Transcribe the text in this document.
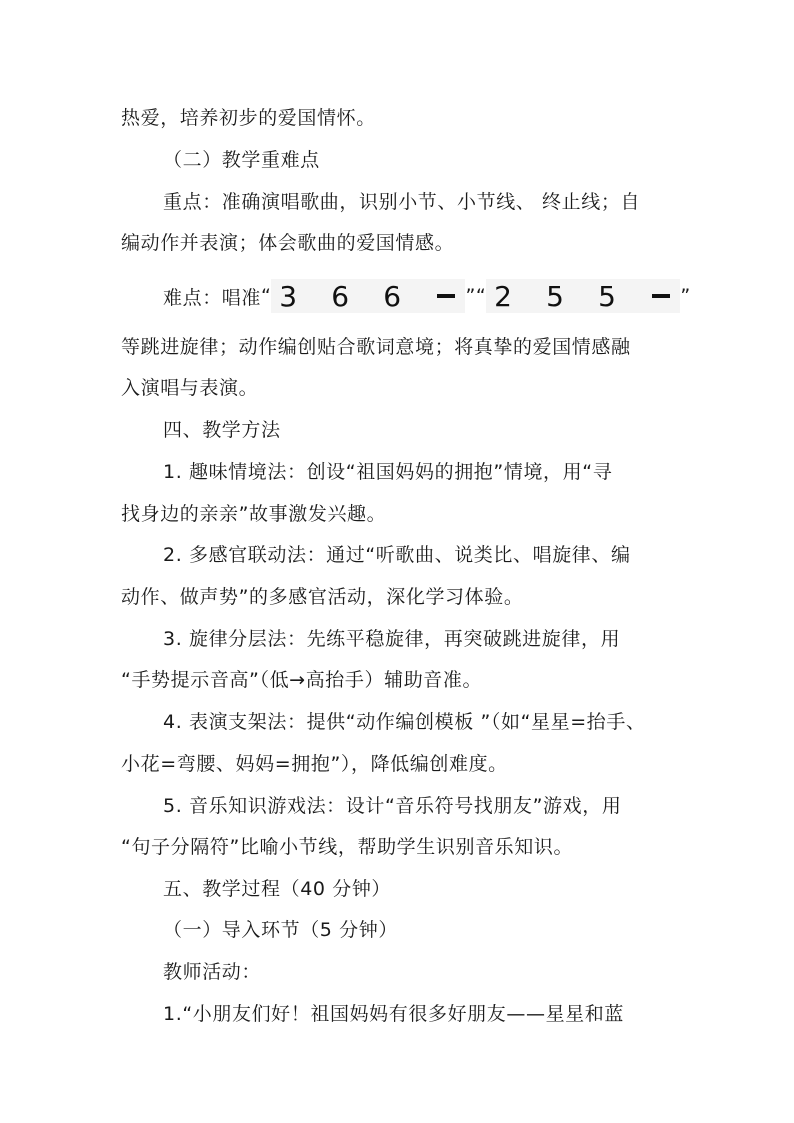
热爱，培养初步的爱国情怀。
（二）教学重难点
重点：准确演唱歌曲，识别小节、小节线、 终止线；自
编动作并表演；体会歌曲的爱国情感。
难点：唱准 “ 3 6 6	”“ 2 5 5	”
等跳进旋律；动作编创贴合歌词意境；将真挚的爱国情感融
入演唱与表演。
四、教学方法
1. 趣味情境法：创设“祖国妈妈的拥抱”情境，用“寻
找身边的亲亲”故事激发兴趣。
2. 多感官联动法：通过“听歌曲、说类比、唱旋律、编
动作、做声势”的多感官活动，深化学习体验。
3. 旋律分层法：先练平稳旋律，再突破跳进旋律，用
“手势提示音高”（低→高抬手）辅助音准。
4. 表演支架法：提供“动作编创模板 ”（如“星星=抬手、
小花=弯腰、妈妈=拥抱”），降低编创难度。
5. 音乐知识游戏法：设计“音乐符号找朋友”游戏，用
“句子分隔符”比喻小节线，帮助学生识别音乐知识。
五、教学过程（40 分钟）
（一）导入环节（5 分钟）
教师活动：
1.“小朋友们好！祖国妈妈有很多好朋友——星星和蓝
